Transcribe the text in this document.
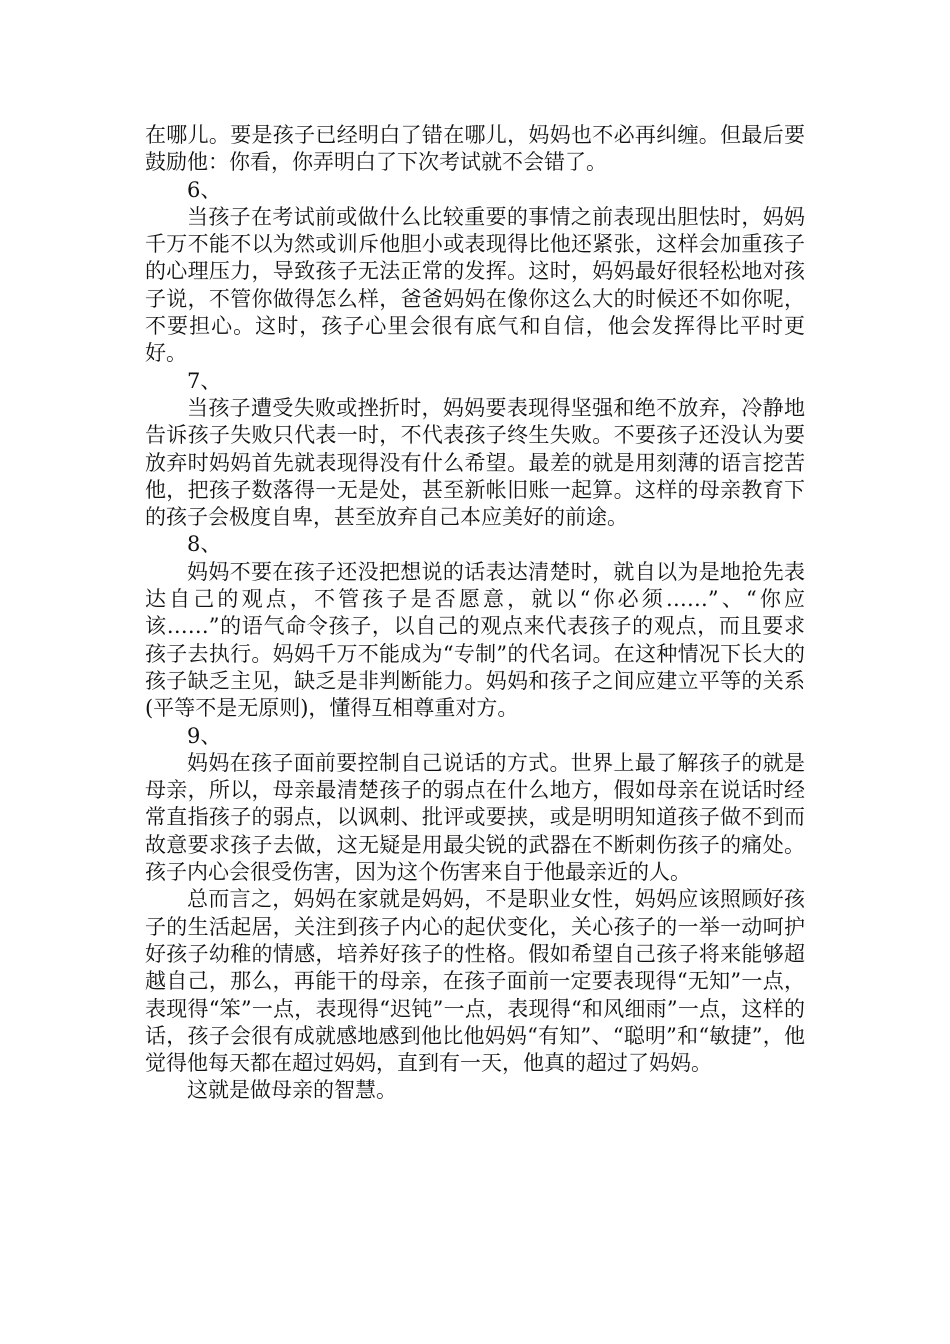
在哪儿。要是孩子已经明白了错在哪儿，妈妈也不必再纠缠。但最后要鼓励他：你看，你弄明白了下次考试就不会错了。

6、

当孩子在考试前或做什么比较重要的事情之前表现出胆怯时，妈妈千万不能不以为然或训斥他胆小或表现得比他还紧张，这样会加重孩子的心理压力，导致孩子无法正常的发挥。这时，妈妈最好很轻松地对孩子说，不管你做得怎么样，爸爸妈妈在像你这么大的时候还不如你呢，不要担心。这时，孩子心里会很有底气和自信，他会发挥得比平时更好。

7、

当孩子遭受失败或挫折时，妈妈要表现得坚强和绝不放弃，冷静地告诉孩子失败只代表一时，不代表孩子终生失败。不要孩子还没认为要放弃时妈妈首先就表现得没有什么希望。最差的就是用刻薄的语言挖苦他，把孩子数落得一无是处，甚至新帐旧账一起算。这样的母亲教育下的孩子会极度自卑，甚至放弃自己本应美好的前途。

8、

妈妈不要在孩子还没把想说的话表达清楚时，就自以为是地抢先表达自己的观点，不管孩子是否愿意，就以“你必须……”、“你应该……”的语气命令孩子，以自己的观点来代表孩子的观点，而且要求孩子去执行。妈妈千万不能成为“专制”的代名词。在这种情况下长大的孩子缺乏主见，缺乏是非判断能力。妈妈和孩子之间应建立平等的关系(平等不是无原则)，懂得互相尊重对方。

9、

妈妈在孩子面前要控制自己说话的方式。世界上最了解孩子的就是母亲，所以，母亲最清楚孩子的弱点在什么地方，假如母亲在说话时经常直指孩子的弱点，以讽刺、批评或要挟，或是明明知道孩子做不到而故意要求孩子去做，这无疑是用最尖锐的武器在不断刺伤孩子的痛处。孩子内心会很受伤害，因为这个伤害来自于他最亲近的人。

总而言之，妈妈在家就是妈妈，不是职业女性，妈妈应该照顾好孩子的生活起居，关注到孩子内心的起伏变化，关心孩子的一举一动呵护好孩子幼稚的情感，培养好孩子的性格。假如希望自己孩子将来能够超越自己，那么，再能干的母亲，在孩子面前一定要表现得“无知”一点，表现得“笨”一点，表现得“迟钝”一点，表现得“和风细雨”一点，这样的话，孩子会很有成就感地感到他比他妈妈“有知”、“聪明”和“敏捷”，他觉得他每天都在超过妈妈，直到有一天，他真的超过了妈妈。

这就是做母亲的智慧。
